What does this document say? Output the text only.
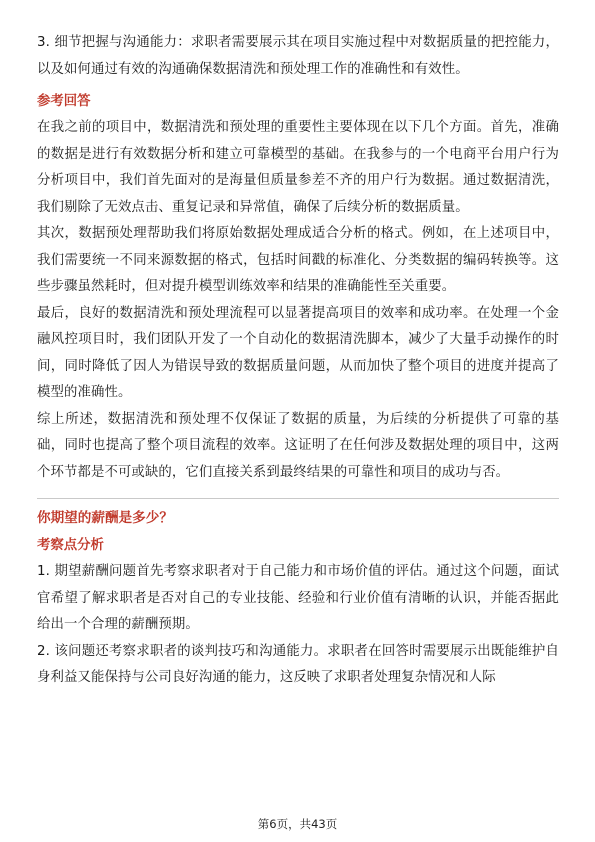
3. 细节把握与沟通能力：求职者需要展示其在项目实施过程中对数据质量的把控能力，以及如何通过有效的沟通确保数据清洗和预处理工作的准确性和有效性。

参考回答

在我之前的项目中，数据清洗和预处理的重要性主要体现在以下几个方面。首先，准确的数据是进行有效数据分析和建立可靠模型的基础。在我参与的一个电商平台用户行为分析项目中，我们首先面对的是海量但质量参差不齐的用户行为数据。通过数据清洗，我们剔除了无效点击、重复记录和异常值，确保了后续分析的数据质量。

其次，数据预处理帮助我们将原始数据处理成适合分析的格式。例如，在上述项目中，我们需要统一不同来源数据的格式，包括时间戳的标准化、分类数据的编码转换等。这些步骤虽然耗时，但对提升模型训练效率和结果的准确能性至关重要。

最后，良好的数据清洗和预处理流程可以显著提高项目的效率和成功率。在处理一个金融风控项目时，我们团队开发了一个自动化的数据清洗脚本，减少了大量手动操作的时间，同时降低了因人为错误导致的数据质量问题，从而加快了整个项目的进度并提高了模型的准确性。

综上所述，数据清洗和预处理不仅保证了数据的质量，为后续的分析提供了可靠的基础，同时也提高了整个项目流程的效率。这证明了在任何涉及数据处理的项目中，这两个环节都是不可或缺的，它们直接关系到最终结果的可靠性和项目的成功与否。

你期望的薪酬是多少？

考察点分析

1. 期望薪酬问题首先考察求职者对于自己能力和市场价值的评估。通过这个问题，面试官希望了解求职者是否对自己的专业技能、经验和行业价值有清晰的认识，并能否据此给出一个合理的薪酬预期。

2. 该问题还考察求职者的谈判技巧和沟通能力。求职者在回答时需要展示出既能维护自身利益又能保持与公司良好沟通的能力，这反映了求职者处理复杂情况和人际

第6页，共43页
